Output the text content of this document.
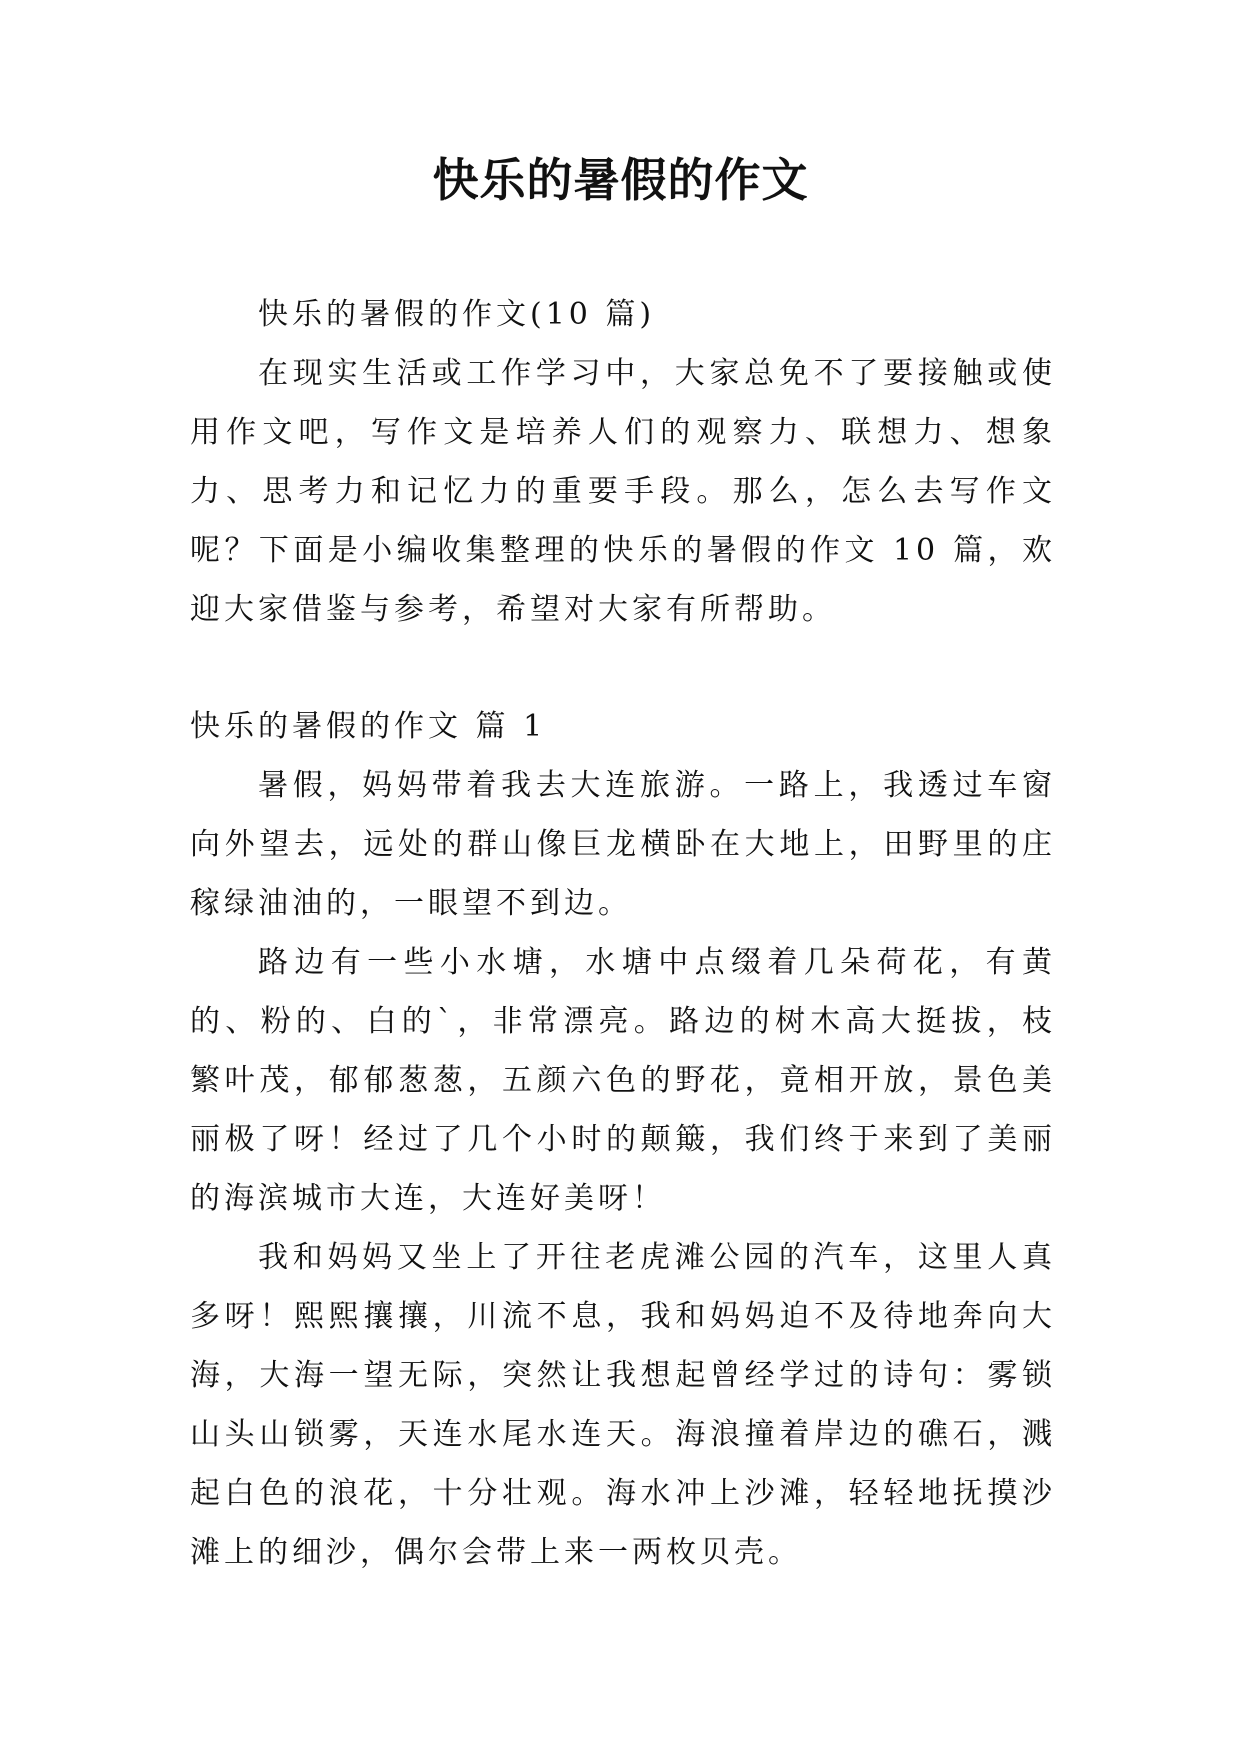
快乐的暑假的作文

快乐的暑假的作文(10 篇)

在现实生活或工作学习中，大家总免不了要接触或使用作文吧，写作文是培养人们的观察力、联想力、想象力、思考力和记忆力的重要手段。那么，怎么去写作文呢？下面是小编收集整理的快乐的暑假的作文 10 篇，欢迎大家借鉴与参考，希望对大家有所帮助。

快乐的暑假的作文 篇 1

暑假，妈妈带着我去大连旅游。一路上，我透过车窗向外望去，远处的群山像巨龙横卧在大地上，田野里的庄稼绿油油的，一眼望不到边。

路边有一些小水塘，水塘中点缀着几朵荷花，有黄的、粉的、白的`，非常漂亮。路边的树木高大挺拔，枝繁叶茂，郁郁葱葱，五颜六色的野花，竟相开放，景色美丽极了呀！经过了几个小时的颠簸，我们终于来到了美丽的海滨城市大连，大连好美呀！

我和妈妈又坐上了开往老虎滩公园的汽车，这里人真多呀！熙熙攘攘，川流不息，我和妈妈迫不及待地奔向大海，大海一望无际，突然让我想起曾经学过的诗句：雾锁山头山锁雾，天连水尾水连天。海浪撞着岸边的礁石，溅起白色的浪花，十分壮观。海水冲上沙滩，轻轻地抚摸沙滩上的细沙，偶尔会带上来一两枚贝壳。
